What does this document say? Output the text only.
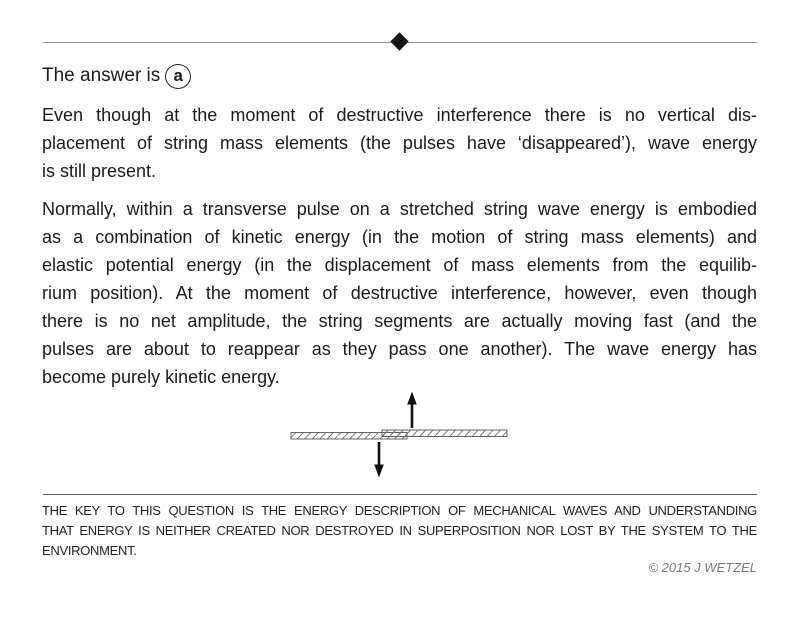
The answer is a
Even though at the moment of destructive interference there is no vertical dis-
placement of string mass elements (the pulses have ‘disappeared’), wave energy
is still present.
Normally, within a transverse pulse on a stretched string wave energy is embodied
as a combination of kinetic energy (in the motion of string mass elements) and
elastic potential energy (in the displacement of mass elements from the equilib-
rium position). At the moment of destructive interference, however, even though
there is no net amplitude, the string segments are actually moving fast (and the
pulses are about to reappear as they pass one another). The wave energy has
become purely kinetic energy.
THE KEY TO THIS QUESTION IS THE ENERGY DESCRIPTION OF MECHANICAL WAVES AND UNDERSTANDING
THAT ENERGY IS NEITHER CREATED NOR DESTROYED IN SUPERPOSITION NOR LOST BY THE SYSTEM TO THE
ENVIRONMENT.
© 2015 J WETZEL
